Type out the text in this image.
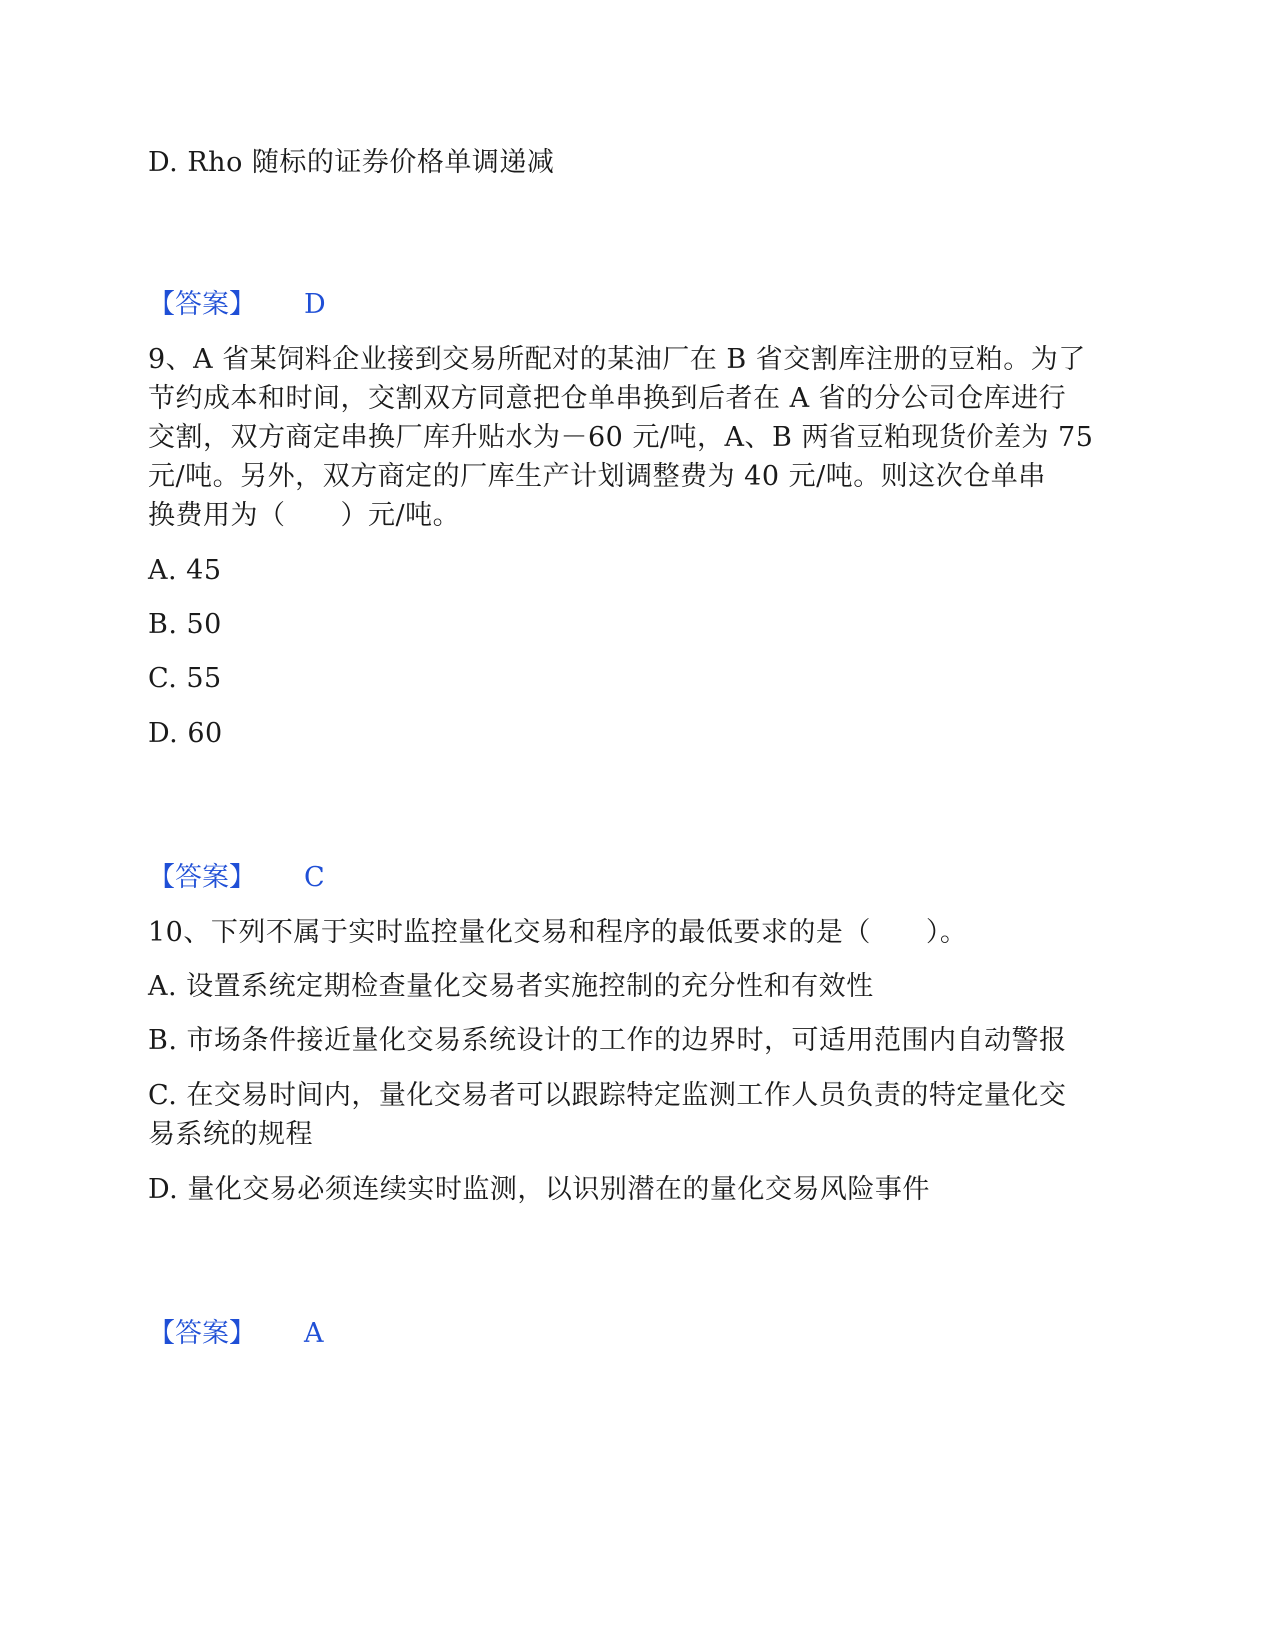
D. Rho 随标的证券价格单调递减
【答案】 D
9、A 省某饲料企业接到交易所配对的某油厂在 B 省交割库注册的豆粕。为了
节约成本和时间，交割双方同意把仓单串换到后者在 A 省的分公司仓库进行
交割，双方商定串换厂库升贴水为－60 元/吨，A、B 两省豆粕现货价差为 75
元/吨。另外，双方商定的厂库生产计划调整费为 40 元/吨。则这次仓单串
换费用为（　　）元/吨。
A. 45
B. 50
C. 55
D. 60
【答案】 C
10、下列不属于实时监控量化交易和程序的最低要求的是（　　）。
A. 设置系统定期检查量化交易者实施控制的充分性和有效性
B. 市场条件接近量化交易系统设计的工作的边界时，可适用范围内自动警报
C. 在交易时间内，量化交易者可以跟踪特定监测工作人员负责的特定量化交
易系统的规程
D. 量化交易必须连续实时监测，以识别潜在的量化交易风险事件
【答案】 A
